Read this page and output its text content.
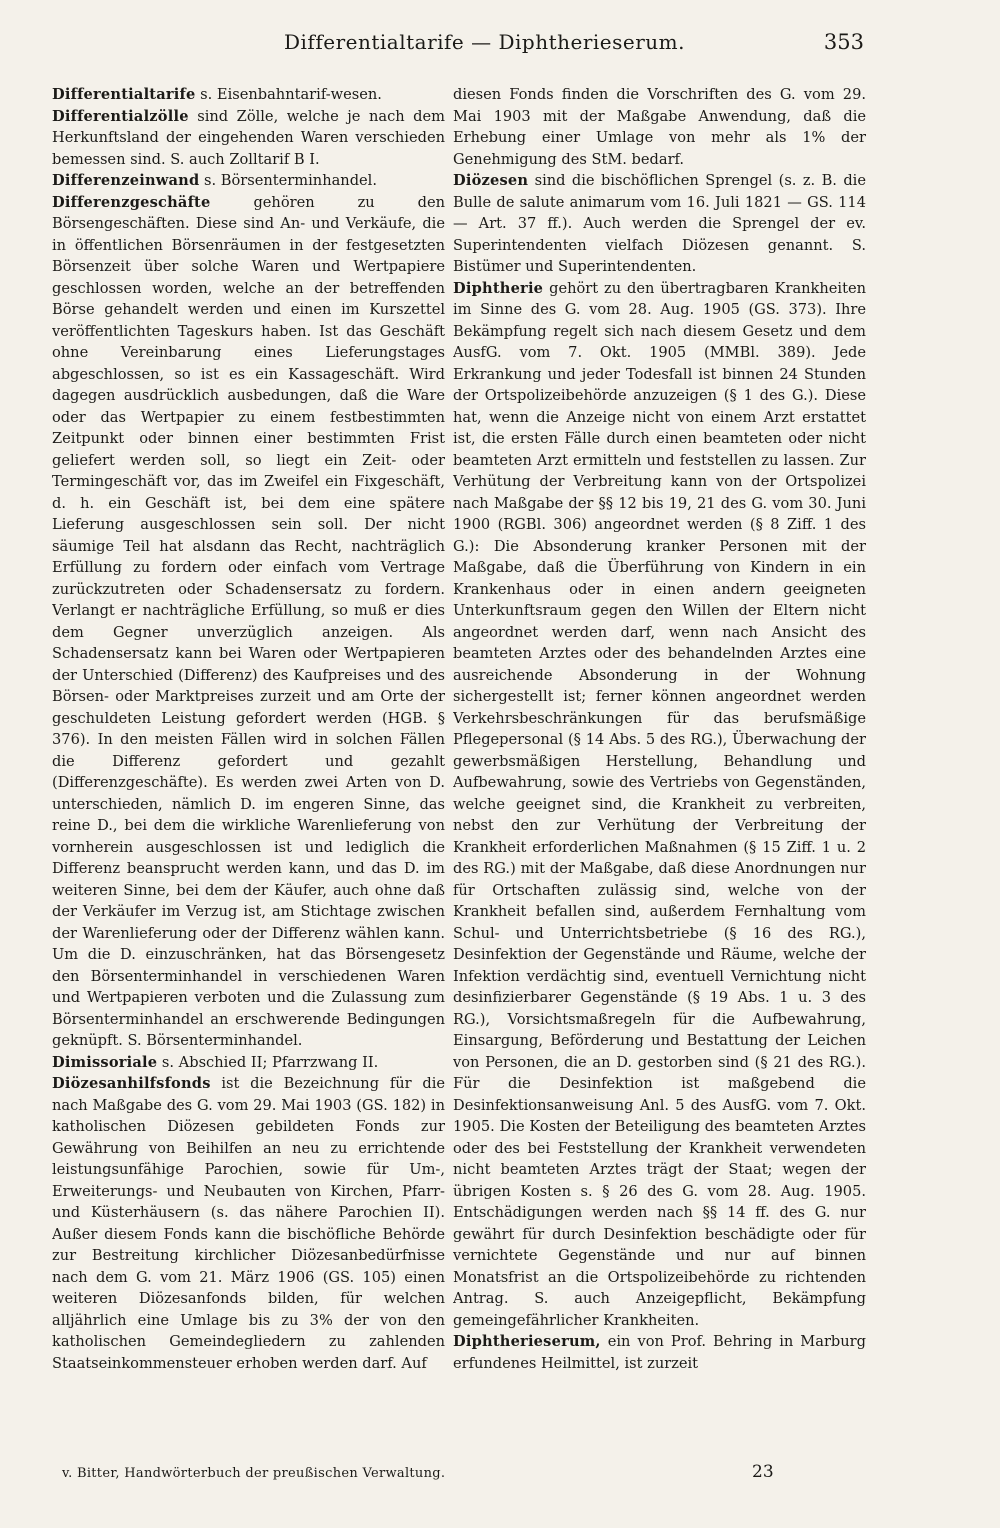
Differentialtarife — Diphtherieserum.	353

Differentialtarife s. Eisenbahntarif-wesen.

Differentialzölle sind Zölle, welche je nach dem Herkunftsland der eingehenden Waren verschieden bemessen sind. S. auch Zolltarif B I.

Differenzeinwand s. Börsenterminhandel.

Differenzgeschäfte gehören zu den Börsengeschäften. Diese sind An- und Verkäufe, die in öffentlichen Börsenräumen in der festgesetzten Börsenzeit über solche Waren und Wertpapiere geschlossen worden, welche an der betreffenden Börse gehandelt werden und einen im Kurszettel veröffentlichten Tageskurs haben. Ist das Geschäft ohne Vereinbarung eines Lieferungstages abgeschlossen, so ist es ein Kassageschäft. Wird dagegen ausdrücklich ausbedungen, daß die Ware oder das Wertpapier zu einem festbestimmten Zeitpunkt oder binnen einer bestimmten Frist geliefert werden soll, so liegt ein Zeit- oder Termingeschäft vor, das im Zweifel ein Fixgeschäft, d. h. ein Geschäft ist, bei dem eine spätere Lieferung ausgeschlossen sein soll. Der nicht säumige Teil hat alsdann das Recht, nachträglich Erfüllung zu fordern oder einfach vom Vertrage zurückzutreten oder Schadensersatz zu fordern. Verlangt er nachträgliche Erfüllung, so muß er dies dem Gegner unverzüglich anzeigen. Als Schadensersatz kann bei Waren oder Wertpapieren der Unterschied (Differenz) des Kaufpreises und des Börsen- oder Marktpreises zurzeit und am Orte der geschuldeten Leistung gefordert werden (HGB. § 376). In den meisten Fällen wird in solchen Fällen die Differenz gefordert und gezahlt (Differenzgeschäfte). Es werden zwei Arten von D. unterschieden, nämlich D. im engeren Sinne, das reine D., bei dem die wirkliche Warenlieferung von vornherein ausgeschlossen ist und lediglich die Differenz beansprucht werden kann, und das D. im weiteren Sinne, bei dem der Käufer, auch ohne daß der Verkäufer im Verzug ist, am Stichtage zwischen der Warenlieferung oder der Differenz wählen kann. Um die D. einzuschränken, hat das Börsengesetz den Börsenterminhandel in verschiedenen Waren und Wertpapieren verboten und die Zulassung zum Börsenterminhandel an erschwerende Bedingungen geknüpft. S. Börsenterminhandel.

Dimissoriale s. Abschied II; Pfarrzwang II.

Diözesanhilfsfonds ist die Bezeichnung für die nach Maßgabe des G. vom 29. Mai 1903 (GS. 182) in katholischen Diözesen gebildeten Fonds zur Gewährung von Beihilfen an neu zu errichtende leistungsunfähige Parochien, sowie für Um-, Erweiterungs- und Neubauten von Kirchen, Pfarr- und Küsterhäusern (s. das nähere Parochien II). Außer diesem Fonds kann die bischöfliche Behörde zur Bestreitung kirchlicher Diözesanbedürfnisse nach dem G. vom 21. März 1906 (GS. 105) einen weiteren Diözesanfonds bilden, für welchen alljährlich eine Umlage bis zu 3% der von den katholischen Gemeindegliedern zu zahlenden Staatseinkommensteuer erhoben werden darf. Auf

diesen Fonds finden die Vorschriften des G. vom 29. Mai 1903 mit der Maßgabe Anwendung, daß die Erhebung einer Umlage von mehr als 1% der Genehmigung des StM. bedarf.

Diözesen sind die bischöflichen Sprengel (s. z. B. die Bulle de salute animarum vom 16. Juli 1821 — GS. 114 — Art. 37 ff.). Auch werden die Sprengel der ev. Superintendenten vielfach Diözesen genannt. S. Bistümer und Superintendenten.

Diphtherie gehört zu den übertragbaren Krankheiten im Sinne des G. vom 28. Aug. 1905 (GS. 373). Ihre Bekämpfung regelt sich nach diesem Gesetz und dem AusfG. vom 7. Okt. 1905 (MMBl. 389). Jede Erkrankung und jeder Todesfall ist binnen 24 Stunden der Ortspolizeibehörde anzuzeigen (§ 1 des G.). Diese hat, wenn die Anzeige nicht von einem Arzt erstattet ist, die ersten Fälle durch einen beamteten oder nicht beamteten Arzt ermitteln und feststellen zu lassen. Zur Verhütung der Verbreitung kann von der Ortspolizei nach Maßgabe der §§ 12 bis 19, 21 des G. vom 30. Juni 1900 (RGBl. 306) angeordnet werden (§ 8 Ziff. 1 des G.): Die Absonderung kranker Personen mit der Maßgabe, daß die Überführung von Kindern in ein Krankenhaus oder in einen andern geeigneten Unterkunftsraum gegen den Willen der Eltern nicht angeordnet werden darf, wenn nach Ansicht des beamteten Arztes oder des behandelnden Arztes eine ausreichende Absonderung in der Wohnung sichergestellt ist; ferner können angeordnet werden Verkehrsbeschränkungen für das berufsmäßige Pflegepersonal (§ 14 Abs. 5 des RG.), Überwachung der gewerbsmäßigen Herstellung, Behandlung und Aufbewahrung, sowie des Vertriebs von Gegenständen, welche geeignet sind, die Krankheit zu verbreiten, nebst den zur Verhütung der Verbreitung der Krankheit erforderlichen Maßnahmen (§ 15 Ziff. 1 u. 2 des RG.) mit der Maßgabe, daß diese Anordnungen nur für Ortschaften zulässig sind, welche von der Krankheit befallen sind, außerdem Fernhaltung vom Schul- und Unterrichtsbetriebe (§ 16 des RG.), Desinfektion der Gegenstände und Räume, welche der Infektion verdächtig sind, eventuell Vernichtung nicht desinfizierbarer Gegenstände (§ 19 Abs. 1 u. 3 des RG.), Vorsichtsmaßregeln für die Aufbewahrung, Einsargung, Beförderung und Bestattung der Leichen von Personen, die an D. gestorben sind (§ 21 des RG.). Für die Desinfektion ist maßgebend die Desinfektionsanweisung Anl. 5 des AusfG. vom 7. Okt. 1905. Die Kosten der Beteiligung des beamteten Arztes oder des bei Feststellung der Krankheit verwendeten nicht beamteten Arztes trägt der Staat; wegen der übrigen Kosten s. § 26 des G. vom 28. Aug. 1905. Entschädigungen werden nach §§ 14 ff. des G. nur gewährt für durch Desinfektion beschädigte oder für vernichtete Gegenstände und nur auf binnen Monatsfrist an die Ortspolizeibehörde zu richtenden Antrag. S. auch Anzeigepflicht, Bekämpfung gemeingefährlicher Krankheiten.

Diphtherieserum, ein von Prof. Behring in Marburg erfundenes Heilmittel, ist zurzeit

v. Bitter, Handwörterbuch der preußischen Verwaltung.	23
